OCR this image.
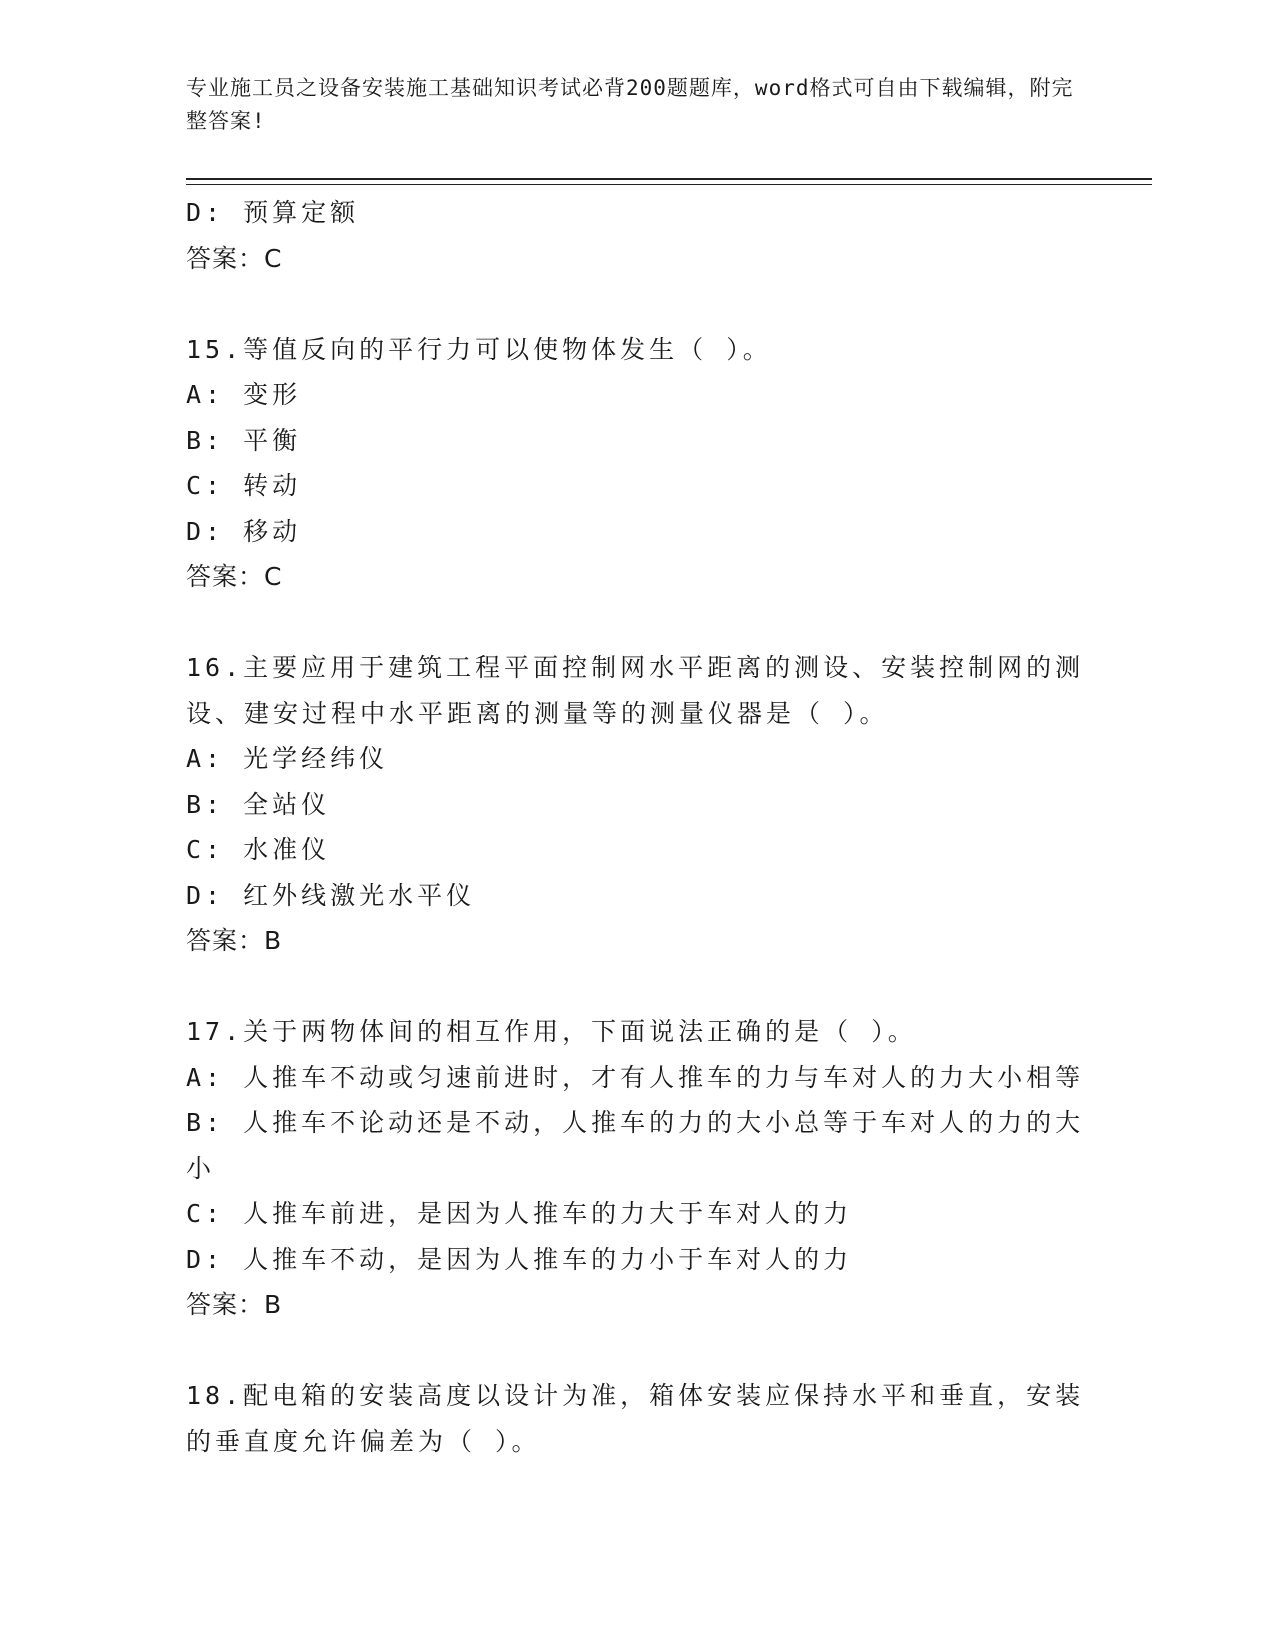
专业施工员之设备安装施工基础知识考试必背200题题库，word格式可自由下载编辑，附完整答案!
D: 预算定额
答案：C
15.等值反向的平行力可以使物体发生（ ）。
A: 变形
B: 平衡
C: 转动
D: 移动
答案：C
16.主要应用于建筑工程平面控制网水平距离的测设、安装控制网的测
设、建安过程中水平距离的测量等的测量仪器是（ ）。
A: 光学经纬仪
B: 全站仪
C: 水准仪
D: 红外线激光水平仪
答案：B
17.关于两物体间的相互作用，下面说法正确的是（ ）。
A: 人推车不动或匀速前进时，才有人推车的力与车对人的力大小相等
B: 人推车不论动还是不动，人推车的力的大小总等于车对人的力的大
小
C: 人推车前进，是因为人推车的力大于车对人的力
D: 人推车不动，是因为人推车的力小于车对人的力
答案：B
18.配电箱的安装高度以设计为准，箱体安装应保持水平和垂直，安装
的垂直度允许偏差为（ ）。
